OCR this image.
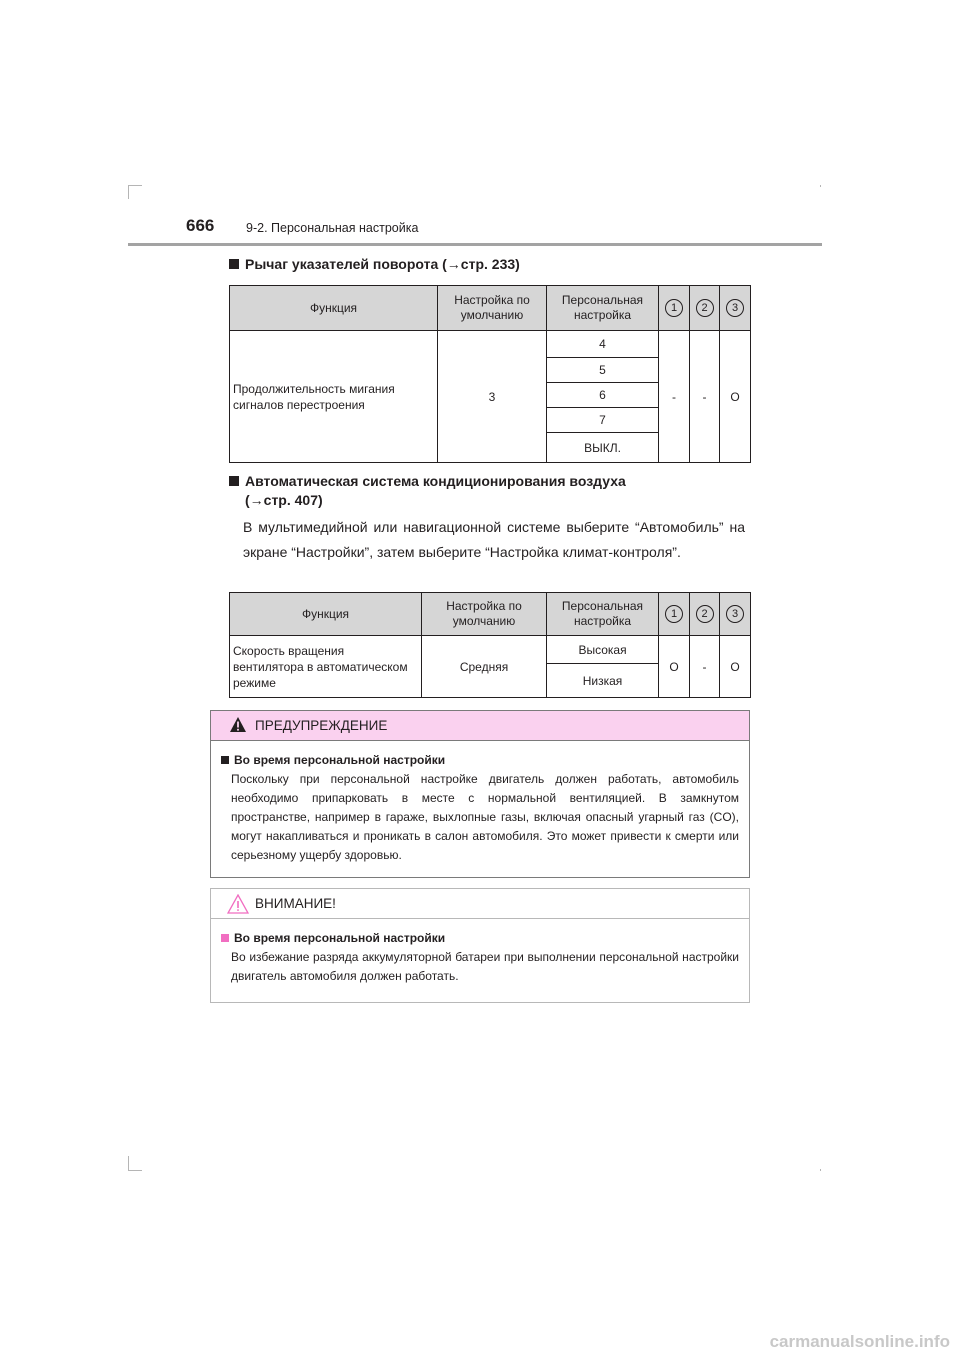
666	9-2. Персональная настройка
Рычаг указателей поворота (→стр. 233)
Функция	Настройка по умолчанию	Персональная настройка	1	2	3
Продолжительность мигания сигналов перестроения	3	4	-	-	O
		5			
		6			
		7			
		ВЫКЛ.			
Автоматическая система кондиционирования воздуха
(→стр. 407)
В мультимедийной или навигационной системе выберите “Автомобиль” на экране “Настройки”, затем выберите “Настройка климат-контроля”.
Функция	Настройка по умолчанию	Персональная настройка	1	2	3
Скорость вращения вентилятора в автоматическом режиме	Средняя	Высокая	O	-	O
		Низкая			
ПРЕДУПРЕЖДЕНИЕ
Во время персональной настройки
Поскольку при персональной настройке двигатель должен работать, автомобиль необходимо припарковать в месте с нормальной вентиляцией. В замкнутом пространстве, например в гараже, выхлопные газы, включая опасный угарный газ (CO), могут накапливаться и проникать в салон автомобиля. Это может привести к смерти или серьезному ущербу здоровью.
ВНИМАНИЕ!
Во время персональной настройки
Во избежание разряда аккумуляторной батареи при выполнении персональной настройки двигатель автомобиля должен работать.
carmanualsonline.info
